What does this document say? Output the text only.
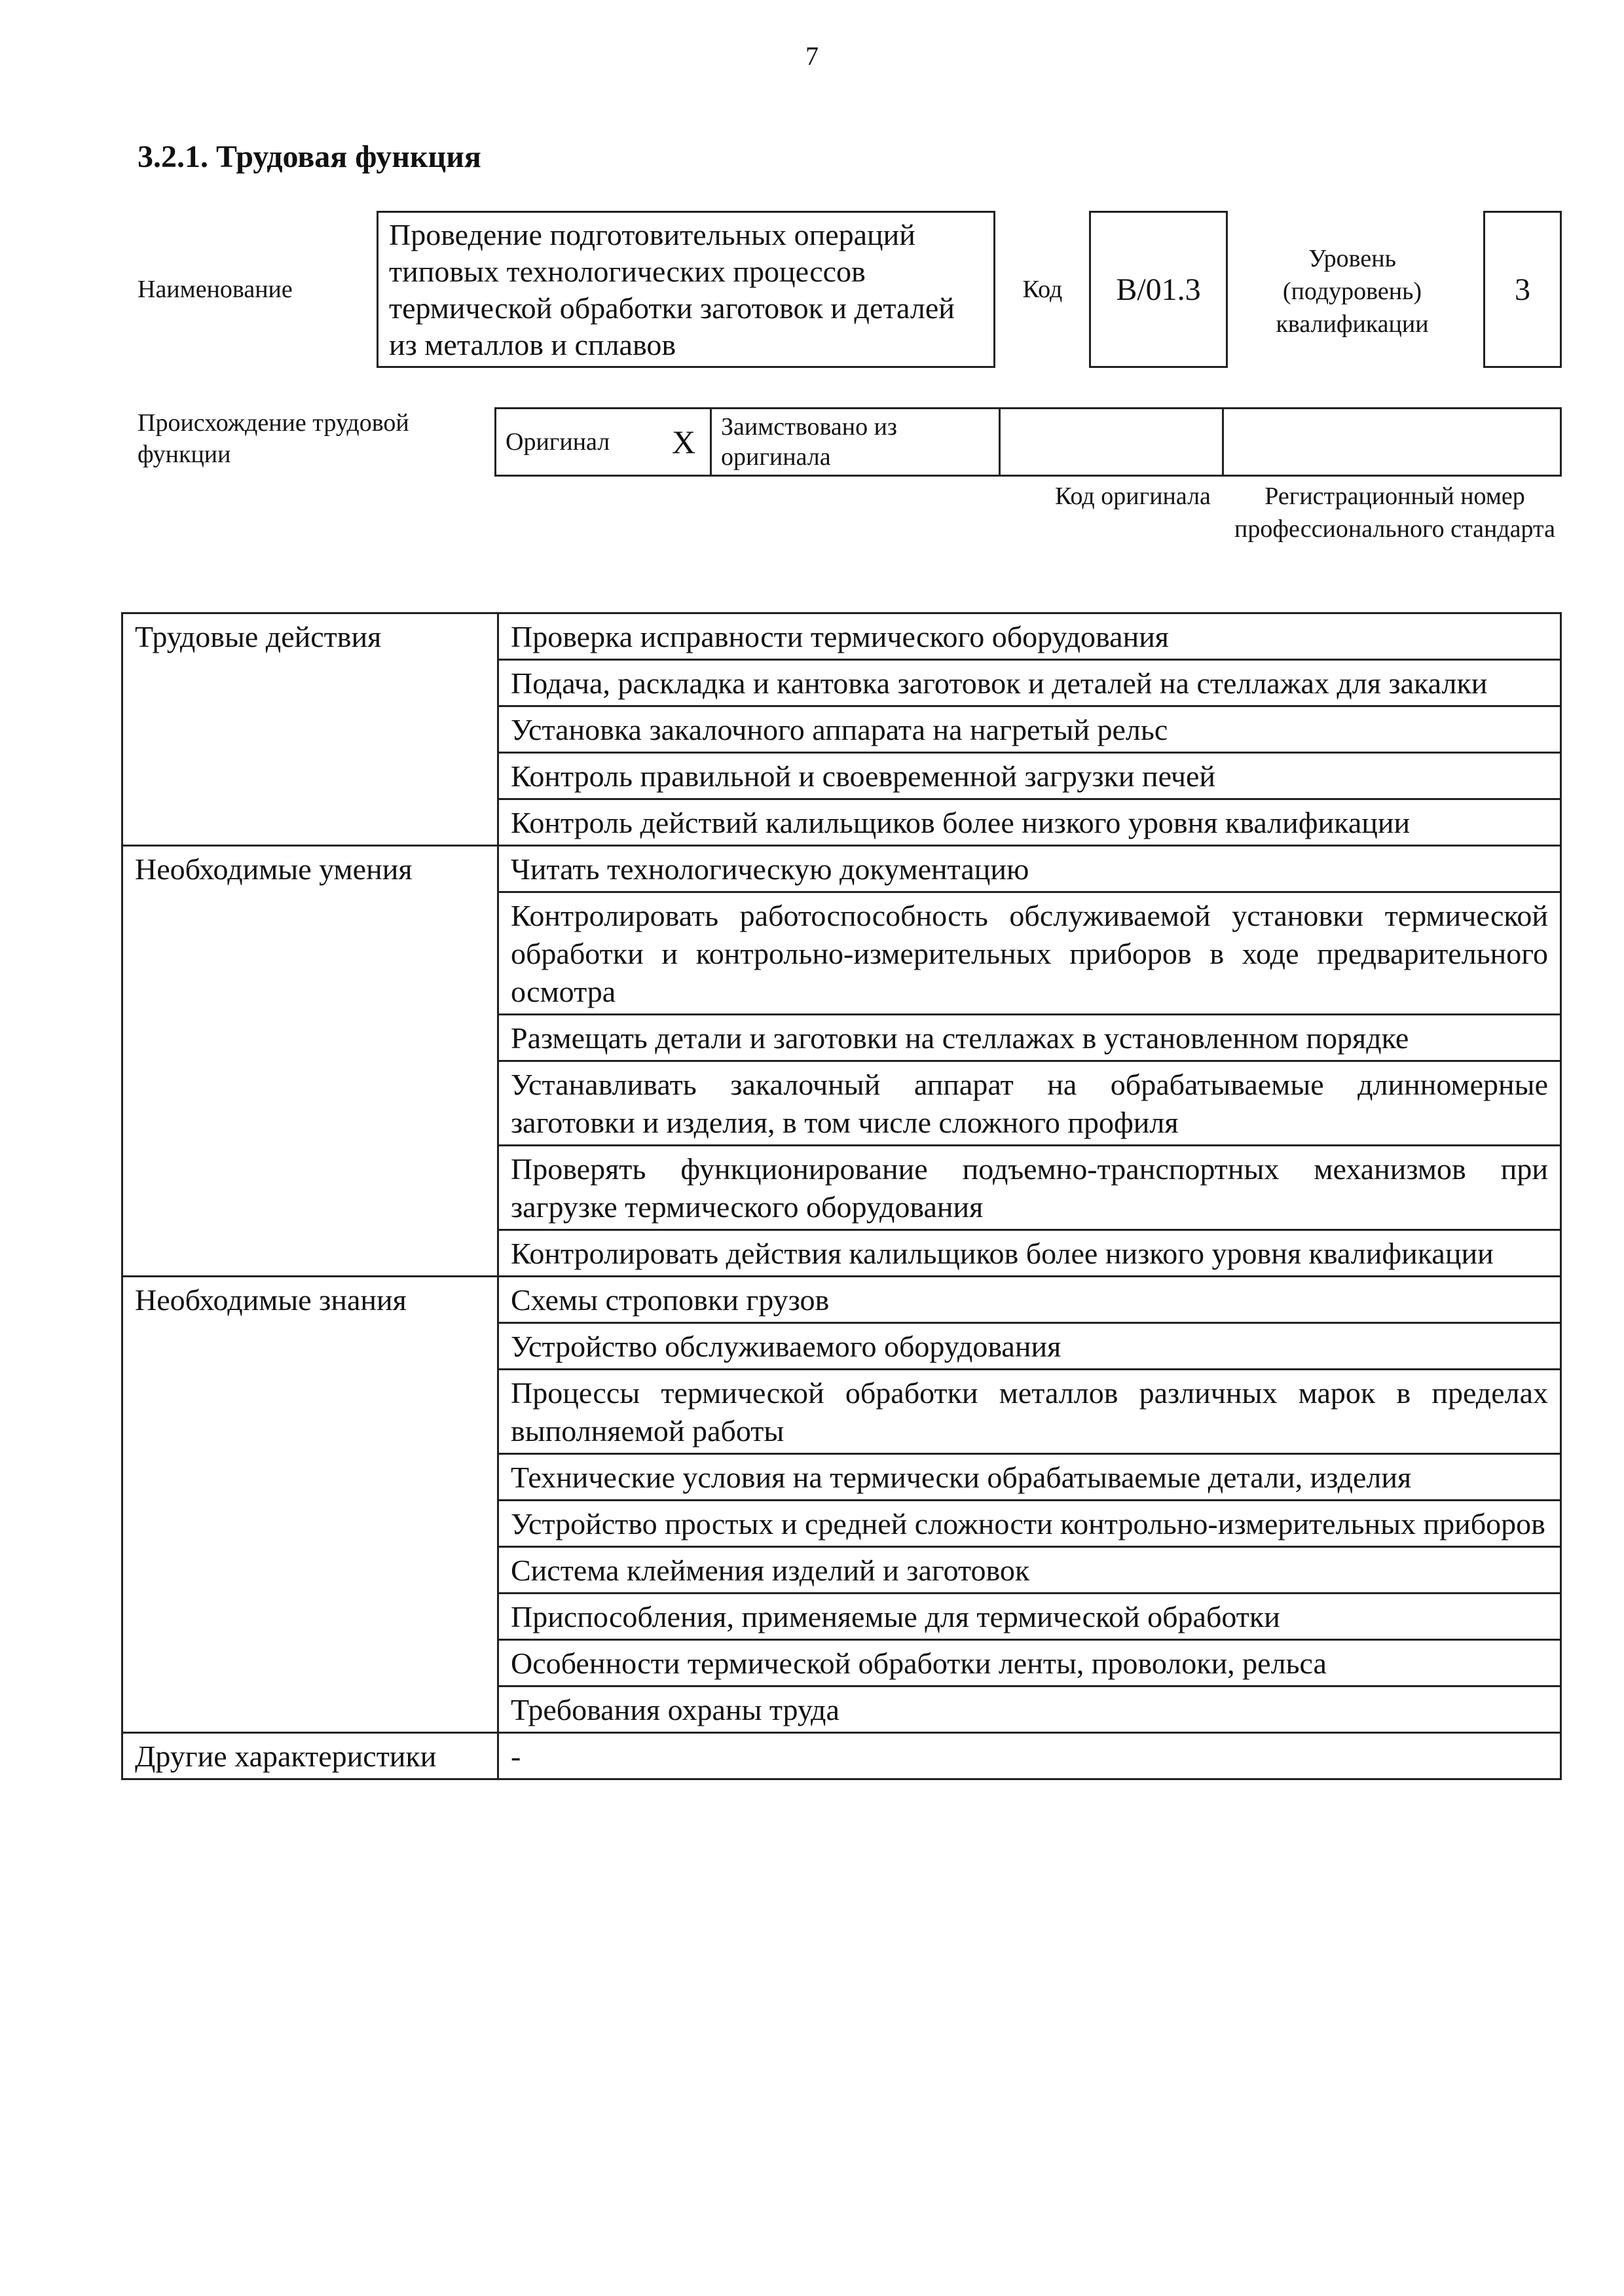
7
3.2.1. Трудовая функция
Наименование
Проведение подготовительных операций типовых технологических процессов термической обработки заготовок и деталей из металлов и сплавов
Код	B/01.3
Уровень (подуровень) квалификации
3
Происхождение трудовой функции	Оригинал	X	Заимствовано из оригинала		
Код оригинала	Регистрационный номер профессионального стандарта
Трудовые действия	Проверка исправности термического оборудования
	Подача, раскладка и кантовка заготовок и деталей на стеллажах для закалки
	Установка закалочного аппарата на нагретый рельс
	Контроль правильной и своевременной загрузки печей
	Контроль действий калильщиков более низкого уровня квалификации
Необходимые умения	Читать технологическую документацию
	Контролировать работоспособность обслуживаемой установки термической обработки и контрольно-измерительных приборов в ходе предварительного осмотра
	Размещать детали и заготовки на стеллажах в установленном порядке
	Устанавливать закалочный аппарат на обрабатываемые длинномерные заготовки и изделия, в том числе сложного профиля
	Проверять функционирование подъемно-транспортных механизмов при загрузке термического оборудования
	Контролировать действия калильщиков более низкого уровня квалификации
Необходимые знания	Схемы строповки грузов
	Устройство обслуживаемого оборудования
	Процессы термической обработки металлов различных марок в пределах выполняемой работы
	Технические условия на термически обрабатываемые детали, изделия
	Устройство простых и средней сложности контрольно-измерительных приборов
	Система клеймения изделий и заготовок
	Приспособления, применяемые для термической обработки
	Особенности термической обработки ленты, проволоки, рельса
	Требования охраны труда
Другие характеристики	-
